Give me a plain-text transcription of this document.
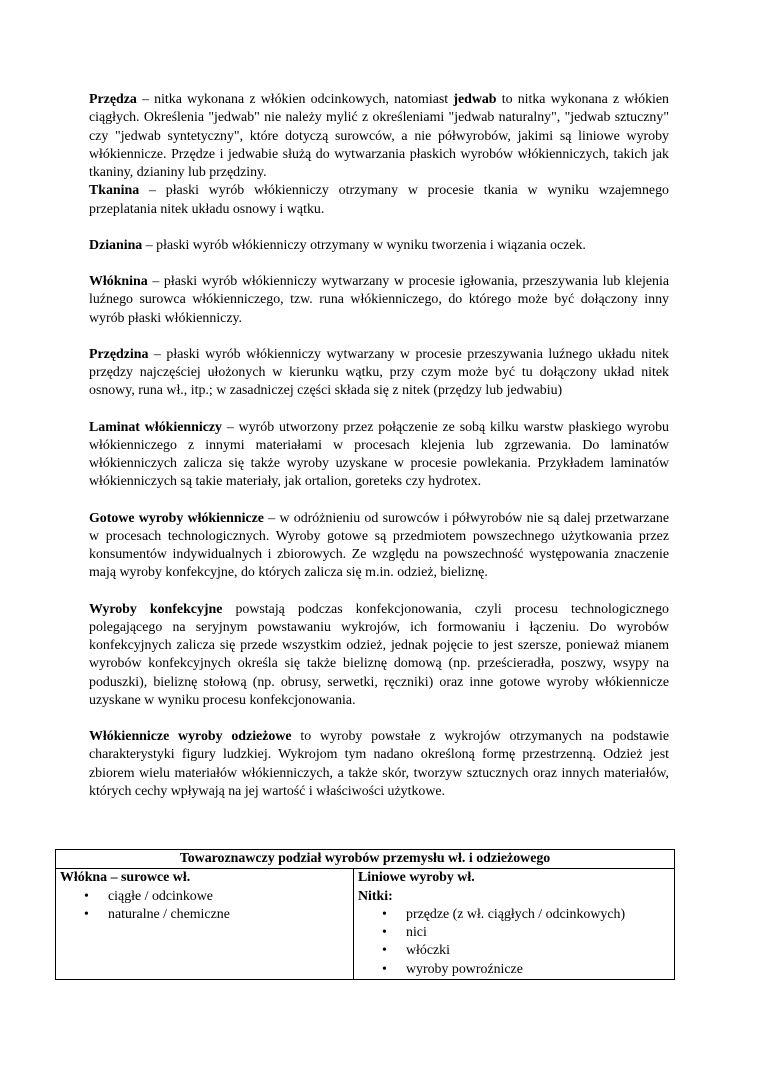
Przędza – nitka wykonana z włókien odcinkowych, natomiast jedwab to nitka wykonana z włókien ciągłych. Określenia "jedwab" nie należy mylić z określeniami "jedwab naturalny", "jedwab sztuczny" czy "jedwab syntetyczny", które dotyczą surowców, a nie półwyrobów, jakimi są liniowe wyroby włókiennicze. Przędze i jedwabie służą do wytwarzania płaskich wyrobów włókienniczych, takich jak tkaniny, dzianiny lub przędziny.

Tkanina – płaski wyrób włókienniczy otrzymany w procesie tkania w wyniku wzajemnego przeplatania nitek układu osnowy i wątku.

Dzianina – płaski wyrób włókienniczy otrzymany w wyniku tworzenia i wiązania oczek.

Włóknina – płaski wyrób włókienniczy wytwarzany w procesie igłowania, przeszywania lub klejenia luźnego surowca włókienniczego, tzw. runa włókienniczego, do którego może być dołączony inny wyrób płaski włókienniczy.

Przędzina – płaski wyrób włókienniczy wytwarzany w procesie przeszywania luźnego układu nitek przędzy najczęściej ułożonych w kierunku wątku, przy czym może być tu dołączony układ nitek osnowy, runa wł., itp.; w zasadniczej części składa się z nitek (przędzy lub jedwabiu)

Laminat włókienniczy – wyrób utworzony przez połączenie ze sobą kilku warstw płaskiego wyrobu włókienniczego z innymi materiałami w procesach klejenia lub zgrzewania. Do laminatów włókienniczych zalicza się także wyroby uzyskane w procesie powlekania. Przykładem laminatów włókienniczych są takie materiały, jak ortalion, goreteks czy hydrotex.

Gotowe wyroby włókiennicze – w odróżnieniu od surowców i półwyrobów nie są dalej przetwarzane w procesach technologicznych. Wyroby gotowe są przedmiotem powszechnego użytkowania przez konsumentów indywidualnych i zbiorowych. Ze względu na powszechność występowania znaczenie mają wyroby konfekcyjne, do których zalicza się m.in. odzież, bieliznę.

Wyroby konfekcyjne powstają podczas konfekcjonowania, czyli procesu technologicznego polegającego na seryjnym powstawaniu wykrojów, ich formowaniu i łączeniu. Do wyrobów konfekcyjnych zalicza się przede wszystkim odzież, jednak pojęcie to jest szersze, ponieważ mianem wyrobów konfekcyjnych określa się także bieliznę domową (np. prześcieradła, poszwy, wsypy na poduszki), bieliznę stołową (np. obrusy, serwetki, ręczniki) oraz inne gotowe wyroby włókiennicze uzyskane w wyniku procesu konfekcjonowania.

Włókiennicze wyroby odzieżowe to wyroby powstałe z wykrojów otrzymanych na podstawie charakterystyki figury ludzkiej. Wykrojom tym nadano określoną formę przestrzenną. Odzież jest zbiorem wielu materiałów włókienniczych, a także skór, tworzyw sztucznych oraz innych materiałów, których cechy wpływają na jej wartość i właściwości użytkowe.

Towaroznawczy podział wyrobów przemysłu wł. i odzieżowego

Włókna – surowce wł.
• ciągłe / odcinkowe
• naturalne / chemiczne

Liniowe wyroby wł.
Nitki:
• przędze (z wł. ciągłych / odcinkowych)
• nici
• włóczki
• wyroby powroźnicze
